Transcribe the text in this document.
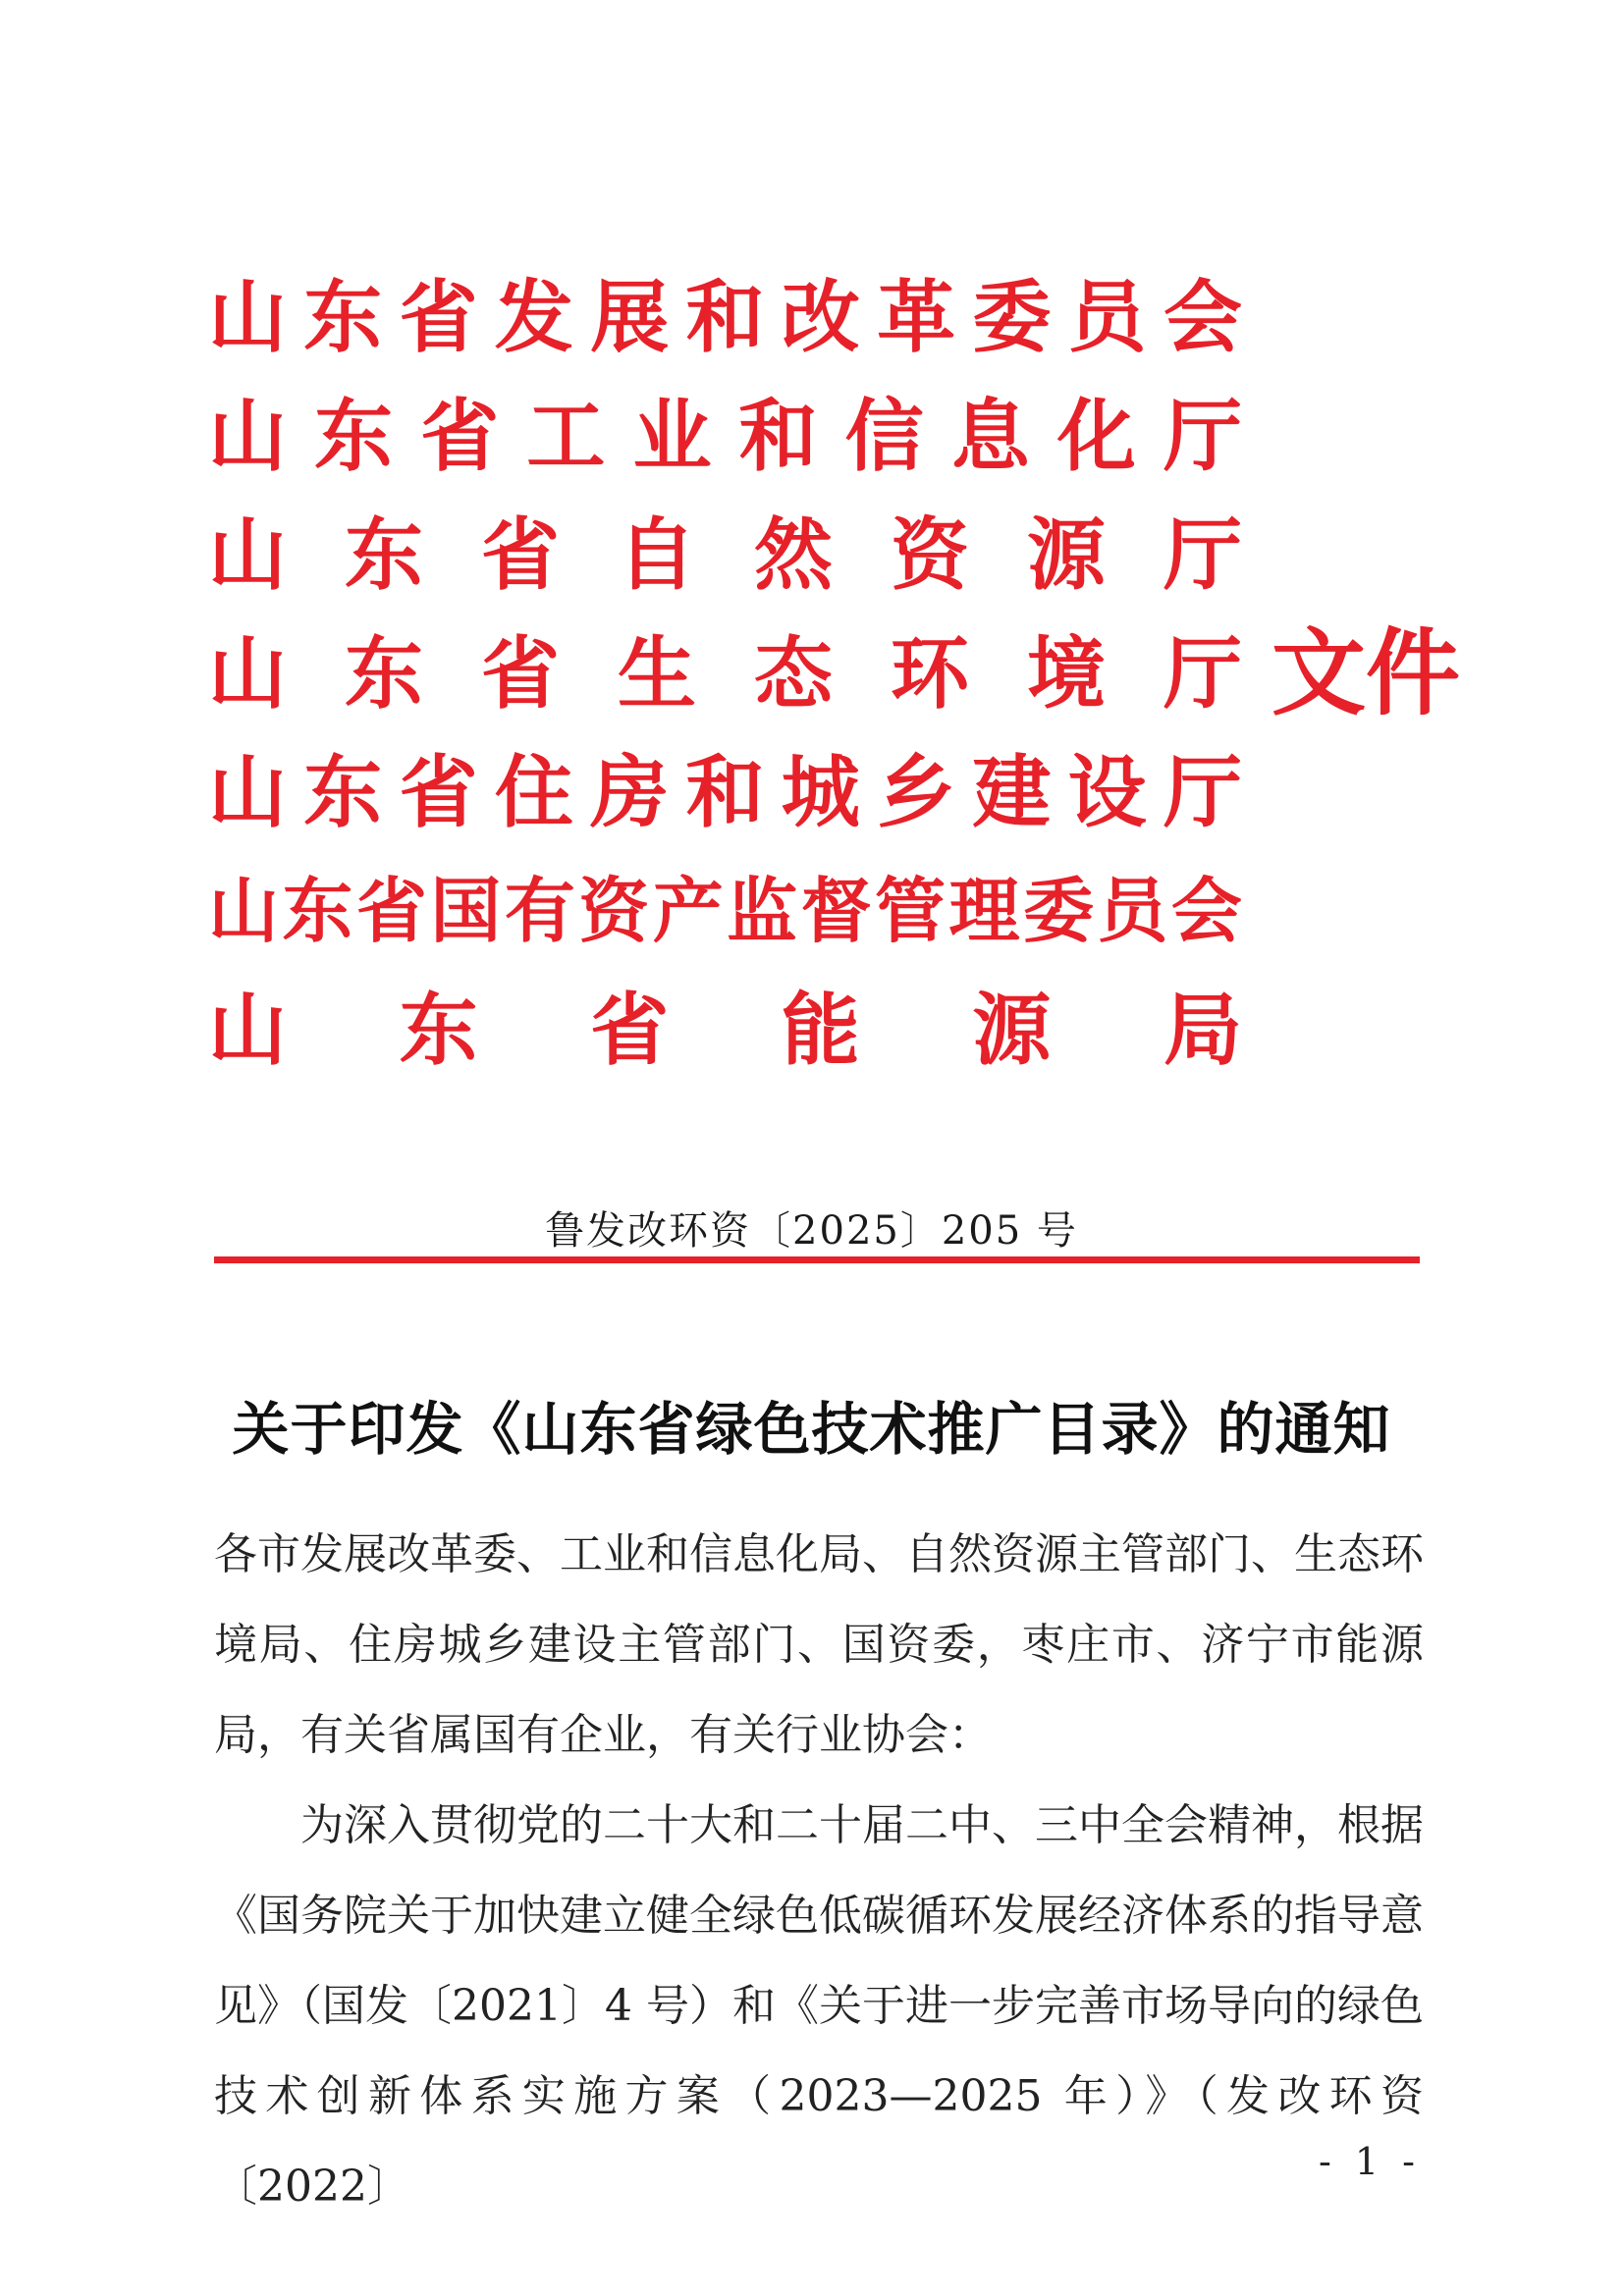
山 东 省 发 展 和 改 革 委 员 会
山 东 省 工 业 和 信 息 化 厅
山 东 省 自 然 资 源 厅
山 东 省 生 态 环 境 厅 文件
山 东 省 住 房 和 城 乡 建 设 厅
山 东 省 国 有 资 产 监 督 管 理 委 员 会
山 东 省 能 源 局
鲁发改环资〔2025〕205 号
关于印发《山东省绿色技术推广目录》的通知

各市发展改革委、工业和信息化局、自然资源主管部门、生态环境局、住房城乡建设主管部门、国资委，枣庄市、济宁市能源局，有关省属国有企业，有关行业协会：

为深入贯彻党的二十大和二十届二中、三中全会精神，根据《国务院关于加快建立健全绿色低碳循环发展经济体系的指导意见》（国发〔2021〕4 号）和《关于进一步完善市场导向的绿色技术创新体系实施方案（2023—2025 年）》（发改环资〔2022〕	- 1 -
